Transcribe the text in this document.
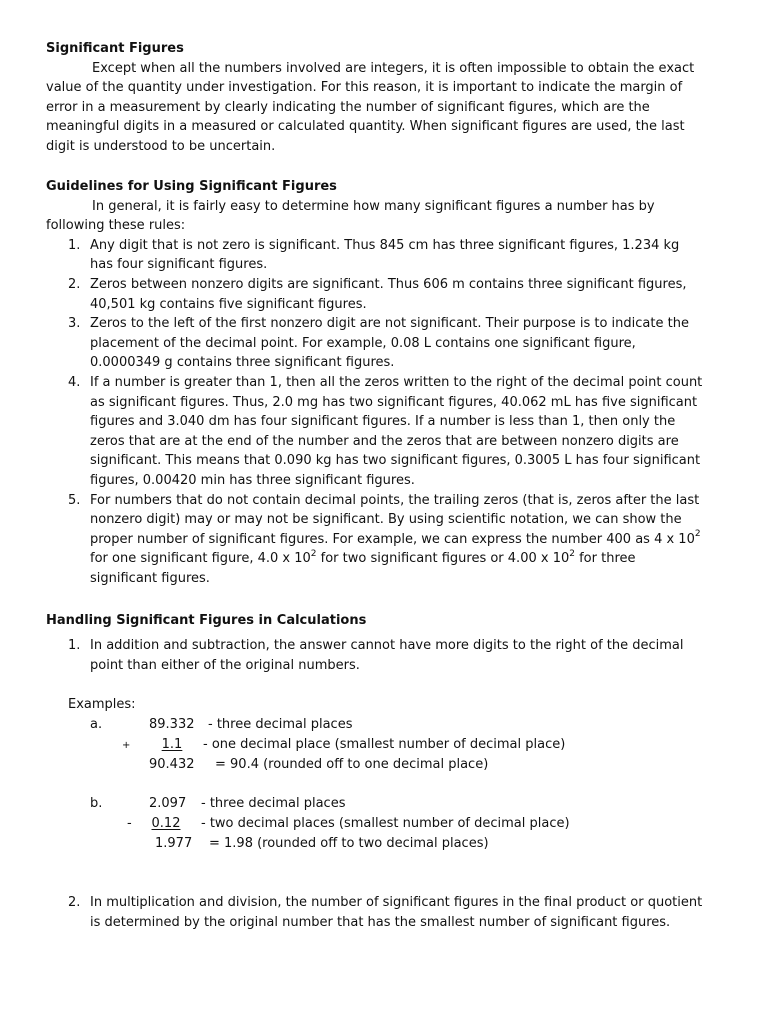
Significant Figures

Except when all the numbers involved are integers, it is often impossible to obtain the exact value of the quantity under investigation. For this reason, it is important to indicate the margin of error in a measurement by clearly indicating the number of significant figures, which are the meaningful digits in a measured or calculated quantity. When significant figures are used, the last digit is understood to be uncertain.

Guidelines for Using Significant Figures

In general, it is fairly easy to determine how many significant figures a number has by following these rules:

1. Any digit that is not zero is significant. Thus 845 cm has three significant figures, 1.234 kg has four significant figures.
2. Zeros between nonzero digits are significant. Thus 606 m contains three significant figures, 40,501 kg contains five significant figures.
3. Zeros to the left of the first nonzero digit are not significant. Their purpose is to indicate the placement of the decimal point. For example, 0.08 L contains one significant figure, 0.0000349 g contains three significant figures.
4. If a number is greater than 1, then all the zeros written to the right of the decimal point count as significant figures. Thus, 2.0 mg has two significant figures, 40.062 mL has five significant figures and 3.040 dm has four significant figures. If a number is less than 1, then only the zeros that are at the end of the number and the zeros that are between nonzero digits are significant. This means that 0.090 kg has two significant figures, 0.3005 L has four significant figures, 0.00420 min has three significant figures.
5. For numbers that do not contain decimal points, the trailing zeros (that is, zeros after the last nonzero digit) may or may not be significant. By using scientific notation, we can show the proper number of significant figures. For example, we can express the number 400 as 4 x $10^2$ for one significant figure, 4.0 x $10^2$ for two significant figures or 4.00 x $10^2$ for three significant figures.
Handling Significant Figures in Calculations
1. In addition and subtraction, the answer cannot have more digits to the right of the decimal point than either of the original numbers.
Examples:
a.	89.332 - three decimal places
+	1.1	- one decimal place (smallest number of decimal place)
90.432 = 90.4 (rounded off to one decimal place)
b.	2.097 - three decimal places
-	0.12	- two decimal places (smallest number of decimal place)
1.977 = 1.98 (rounded off to two decimal places)
2. In multiplication and division, the number of significant figures in the final product or quotient is determined by the original number that has the smallest number of significant figures.
